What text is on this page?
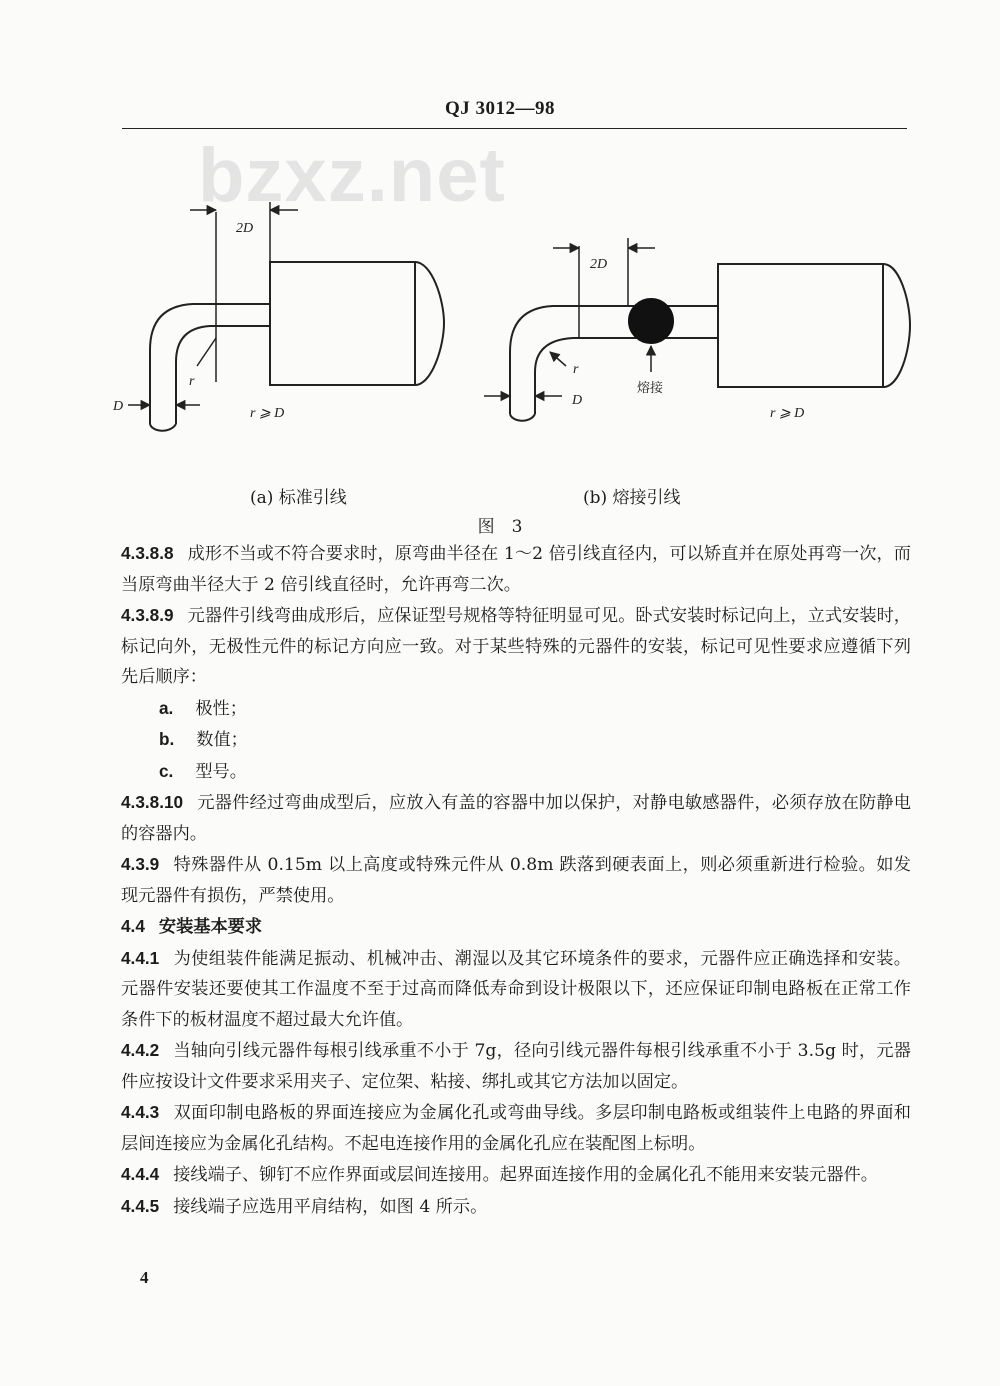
QJ 3012—98
bzxz.net
2D
r
D	r ⩾ D
2D
r
D
熔接
r ⩾ D
(a) 标准引线	(b) 熔接引线
图　3

4.3.8.8 成形不当或不符合要求时，原弯曲半径在 1～2 倍引线直径内，可以矫直并在原处再弯一次，而当原弯曲半径大于 2 倍引线直径时，允许再弯二次。

4.3.8.9 元器件引线弯曲成形后，应保证型号规格等特征明显可见。卧式安装时标记向上，立式安装时，标记向外，无极性元件的标记方向应一致。对于某些特殊的元器件的安装，标记可见性要求应遵循下列先后顺序：

a. 极性；

b. 数值；

c. 型号。

4.3.8.10 元器件经过弯曲成型后，应放入有盖的容器中加以保护，对静电敏感器件，必须存放在防静电的容器内。

4.3.9 特殊器件从 0.15m 以上高度或特殊元件从 0.8m 跌落到硬表面上，则必须重新进行检验。如发现元器件有损伤，严禁使用。

4.4 安装基本要求

4.4.1 为使组装件能满足振动、机械冲击、潮湿以及其它环境条件的要求，元器件应正确选择和安装。元器件安装还要使其工作温度不至于过高而降低寿命到设计极限以下，还应保证印制电路板在正常工作条件下的板材温度不超过最大允许值。

4.4.2 当轴向引线元器件每根引线承重不小于 7g，径向引线元器件每根引线承重不小于 3.5g 时，元器件应按设计文件要求采用夹子、定位架、粘接、绑扎或其它方法加以固定。

4.4.3 双面印制电路板的界面连接应为金属化孔或弯曲导线。多层印制电路板或组装件上电路的界面和层间连接应为金属化孔结构。不起电连接作用的金属化孔应在装配图上标明。

4.4.4 接线端子、铆钉不应作界面或层间连接用。起界面连接作用的金属化孔不能用来安装元器件。

4.4.5 接线端子应选用平肩结构，如图 4 所示。

4
